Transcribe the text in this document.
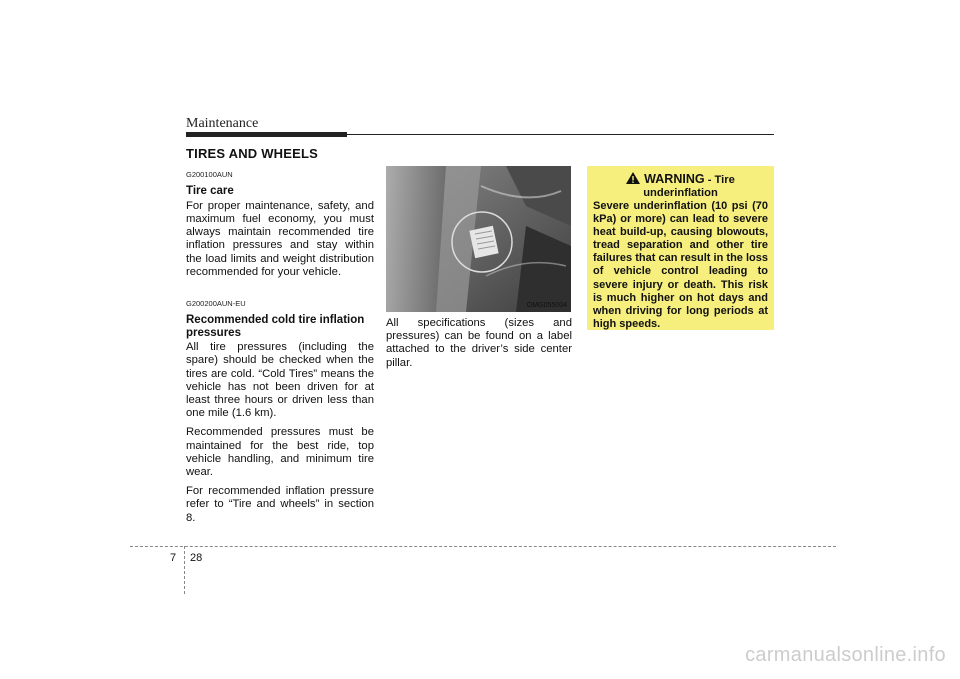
Maintenance
TIRES AND WHEELS
G200100AUN
Tire care

For proper maintenance, safety, and maximum fuel economy, you must always maintain recommended tire inflation pressures and stay within the load limits and weight distribution recommended for your vehicle.

G200200AUN-EU
Recommended cold tire inflation pressures

All tire pressures (including the spare) should be checked when the tires are cold. “Cold Tires” means the vehicle has not been driven for at least three hours or driven less than one mile (1.6 km).

Recommended pressures must be maintained for the best ride, top vehicle handling, and minimum tire wear.

For recommended inflation pressure refer to “Tire and wheels” in section 8.

OMG055004

All specifications (sizes and pressures) can be found on a label attached to the driver’s side center pillar.

WARNING - Tire underinflation
Severe underinflation (10 psi (70 kPa) or more) can lead to severe heat build-up, causing blowouts, tread separation and other tire failures that can result in the loss of vehicle control leading to severe injury or death. This risk is much higher on hot days and when driving for long periods at high speeds.
7 28
carmanualsonline.info
